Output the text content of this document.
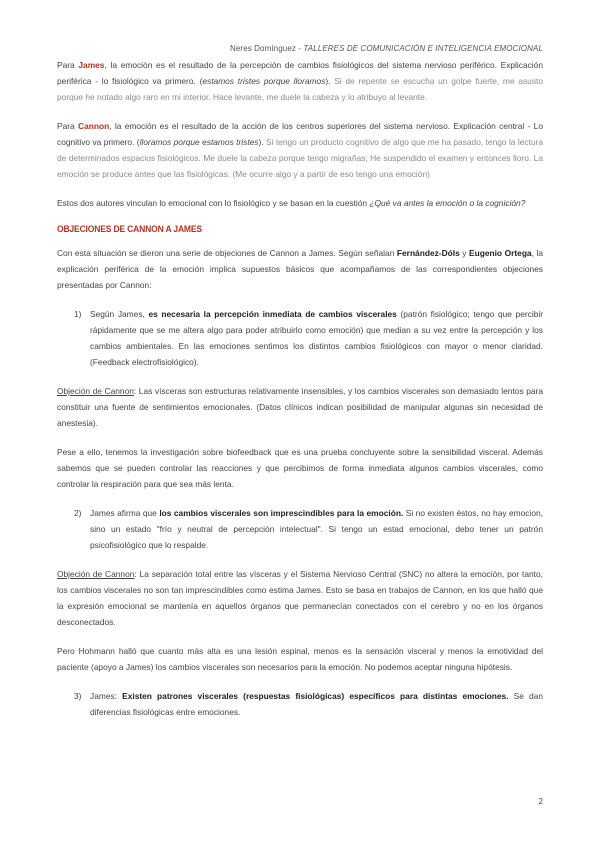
Neres Domínguez - TALLERES DE COMUNICACIÓN E INTELIGENCIA EMOCIONAL

Para James, la emoción es el resultado de la percepción de cambios fisiológicos del sistema nervioso periférico. Explicación periférica - lo fisiológico va primero. (estamos tristes porque lloramos). Si de repente se escucha un golpe fuerte, me asusto porque he notado algo raro en mi interior. Hace levante, me duele la cabeza y lo atribuyo al levante.

Para Cannon, la emoción es el resultado de la acción de los centros superiores del sistema nervioso. Explicación central - Lo cognitivo va primero. (lloramos porque estamos tristes). Si tengo un producto cognitivo de algo que me ha pasado, tengo la lectura de determinados espacios fisiológicos. Me duele la cabeza porque tengo migrañas; He suspendido el examen y entonces lloro. La emoción se produce antes que las fisiológicas. (Me ocurre algo y a partir de eso tengo una emoción)

Estos dos autores vinculan lo emocional con lo fisiológico y se basan en la cuestión ¿Qué va antes la emoción o la cognición?

OBJECIONES DE CANNON A JAMES

Con esta situación se dieron una serie de objeciones de Cannon a James. Según señalan Fernández-Dóls y Eugenio Ortega, la explicación periférica de la emoción implica supuestos básicos que acompañamos de las correspondientes objeciones presentadas por Cannon:

1) Según James, es necesaria la percepción inmediata de cambios viscerales (patrón fisiológico; tengo que percibir rápidamente que se me altera algo para poder atribuirlo como emoción) que median a su vez entre la percepción y los cambios ambientales. En las emociones sentimos los distintos cambios fisiológicos con mayor o menor claridad. (Feedback electrofisiológico).

Objeción de Cannon: Las vísceras son estructuras relativamente insensibles, y los cambios viscerales son demasiado lentos para constituir una fuente de sentimientos emocionales. (Datos clínicos indican posibilidad de manipular algunas sin necesidad de anestesia).

Pese a ello, tenemos la investigación sobre biofeedback que es una prueba concluyente sobre la sensibilidad visceral. Además sabemos que se pueden controlar las reacciones y que percibimos de forma inmediata algunos cambios viscerales, como controlar la respiración para que sea más lenta.

2) James afirma que los cambios viscerales son imprescindibles para la emoción. Si no existen éstos, no hay emocion, sino un estado "frío y neutral de percepción intelectual". Si tengo un estad emocional, debo tener un patrón psicofisiológico que lo respalde.

Objeción de Cannon: La separación total entre las vísceras y el Sistema Nervioso Central (SNC) no altera la emoción, por tanto, los cambios viscerales no son tan imprescindibles como estima James. Esto se basa en trabajos de Cannon, en los que halló que la expresión emocional se mantenía en aquellos órganos que permanecían conectados con el cerebro y no en los órganos desconectados.

Pero Hohmann halló que cuanto más alta es una lesión espinal, menos es la sensación visceral y menos la emotividad del paciente (apoyo a James) los cambios viscerales son necesarios para la emoción. No podemos aceptar ninguna hipótesis.

3) James: Existen patrones viscerales (respuestas fisiológicas) específicos para distintas emociones. Se dan diferencias fisiológicas entre emociones.

2
